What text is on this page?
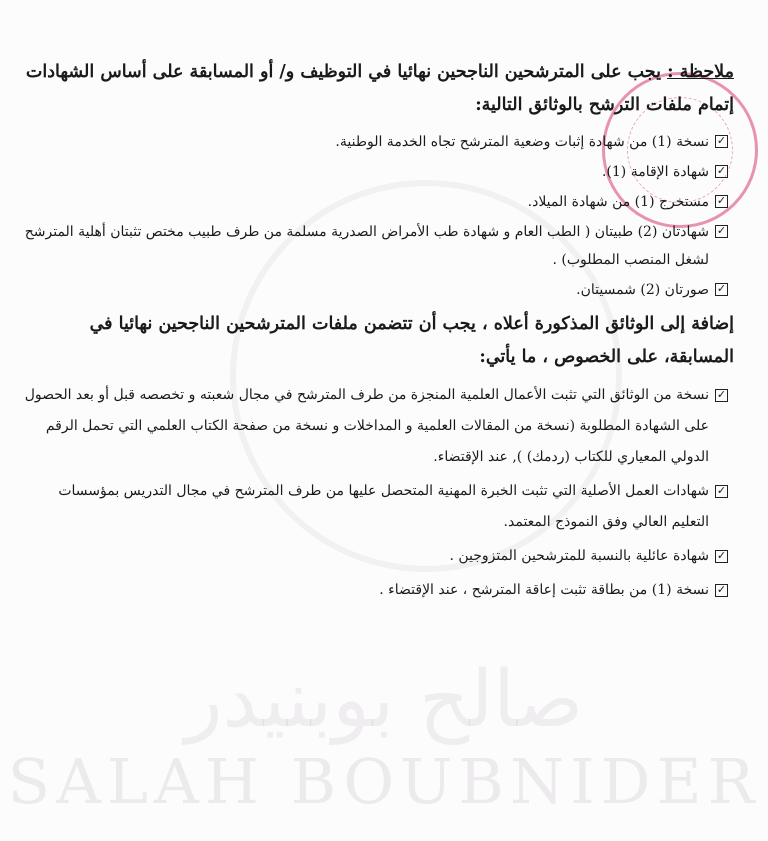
صالح بوبنيدر
SALAH BOUBNIDER

ملاحظة : يجب على المترشحين الناجحين نهائيا في التوظيف و/ أو المسابقة على أساس الشهادات إتمام ملفات الترشح بالوثائق التالية:

✓
نسخة (1) من شهادة إثبات وضعية المترشح تجاه الخدمة الوطنية.
✓
شهادة الإقامة (1).
✓
مستخرج (1) من شهادة الميلاد.
✓
شهادتان (2) طبيتان ( الطب العام و شهادة طب الأمراض الصدرية مسلمة من طرف طبيب مختص تثبتان أهلية المترشح لشغل المنصب المطلوب) .
✓
صورتان (2) شمسيتان.

إضافة إلى الوثائق المذكورة أعلاه ، يجب أن تتضمن ملفات المترشحين الناجحين نهائيا في المسابقة، على الخصوص ، ما يأتي:

✓
نسخة من الوثائق التي تثبت الأعمال العلمية المنجزة من طرف المترشح في مجال شعبته و تخصصه قبل أو بعد الحصول على الشهادة المطلوبة (نسخة من المقالات العلمية و المداخلات و نسخة من صفحة الكتاب العلمي التي تحمل الرقم الدولي المعياري للكتاب (ردمك) ), عند الإقتضاء.
✓
شهادات العمل الأصلية التي تثبت الخبرة المهنية المتحصل عليها من طرف المترشح في مجال التدريس بمؤسسات التعليم العالي وفق النموذج المعتمد.
✓
شهادة عائلية بالنسبة للمترشحين المتزوجين .
✓
نسخة (1) من بطاقة تثبت إعاقة المترشح ، عند الإقتضاء .
